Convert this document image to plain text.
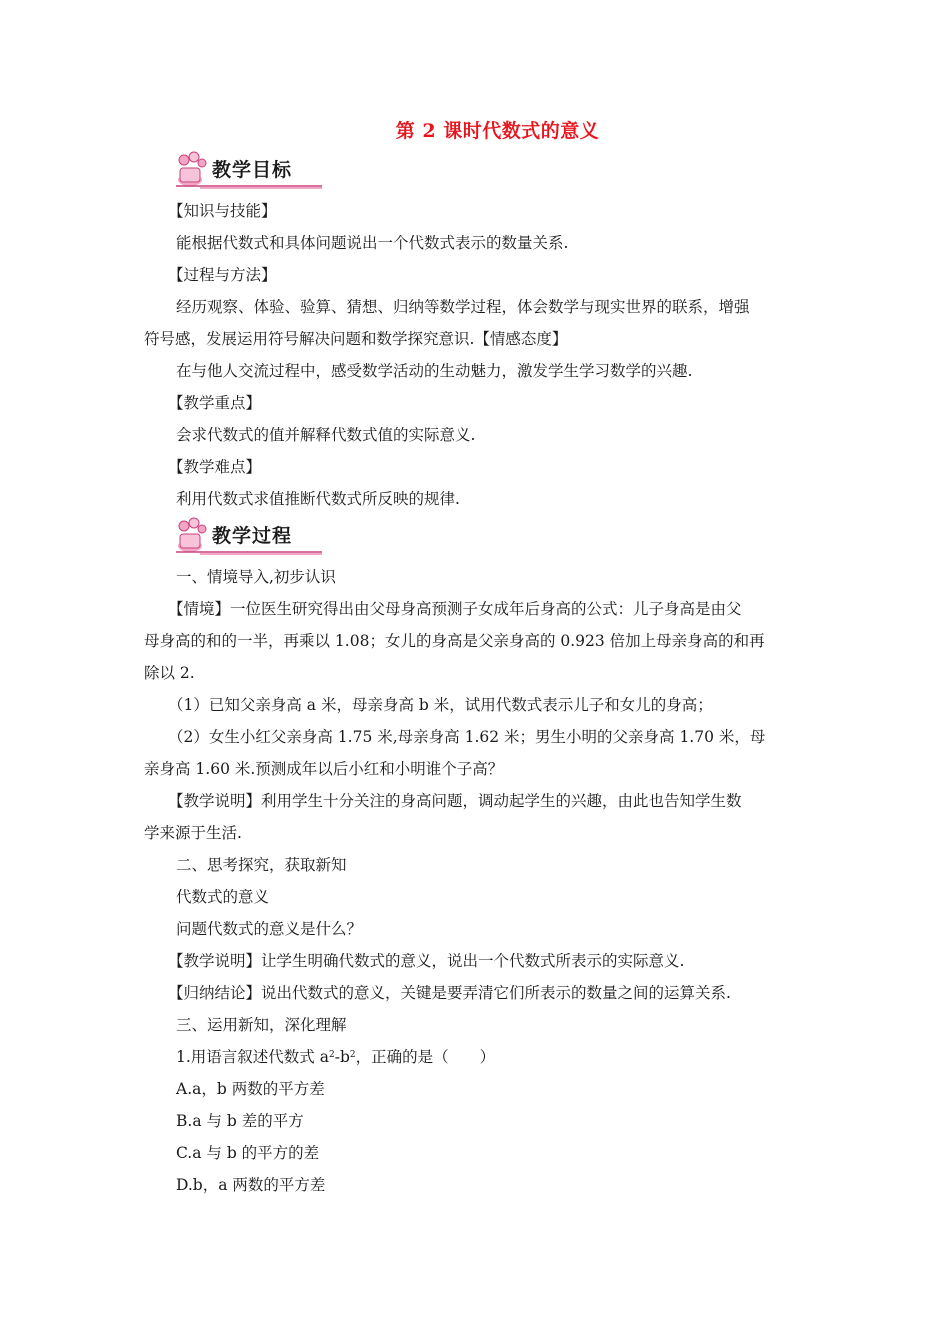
第 2 课时代数式的意义
教学目标
【知识与技能】
能根据代数式和具体问题说出一个代数式表示的数量关系.
【过程与方法】
经历观察、体验、验算、猜想、归纳等数学过程，体会数学与现实世界的联系，增强
符号感，发展运用符号解决问题和数学探究意识.【情感态度】
在与他人交流过程中，感受数学活动的生动魅力，激发学生学习数学的兴趣.
【教学重点】
会求代数式的值并解释代数式值的实际意义.
【教学难点】
利用代数式求值推断代数式所反映的规律.
教学过程
一、情境导入,初步认识
【情境】一位医生研究得出由父母身高预测子女成年后身高的公式：儿子身高是由父
母身高的和的一半，再乘以 1.08；女儿的身高是父亲身高的 0.923 倍加上母亲身高的和再
除以 2.
（1）已知父亲身高 a 米，母亲身高 b 米，试用代数式表示儿子和女儿的身高；
（2）女生小红父亲身高 1.75 米,母亲身高 1.62 米；男生小明的父亲身高 1.70 米，母
亲身高 1.60 米.预测成年以后小红和小明谁个子高？
【教学说明】利用学生十分关注的身高问题，调动起学生的兴趣，由此也告知学生数
学来源于生活.
二、思考探究，获取新知
代数式的意义
问题代数式的意义是什么？
【教学说明】让学生明确代数式的意义，说出一个代数式所表示的实际意义.
【归纳结论】说出代数式的意义，关键是要弄清它们所表示的数量之间的运算关系.
三、运用新知，深化理解
1.用语言叙述代数式 $a^2-b^2$，正确的是（　　）
A.a，b 两数的平方差
B.a 与 b 差的平方
C.a 与 b 的平方的差
D.b，a 两数的平方差
